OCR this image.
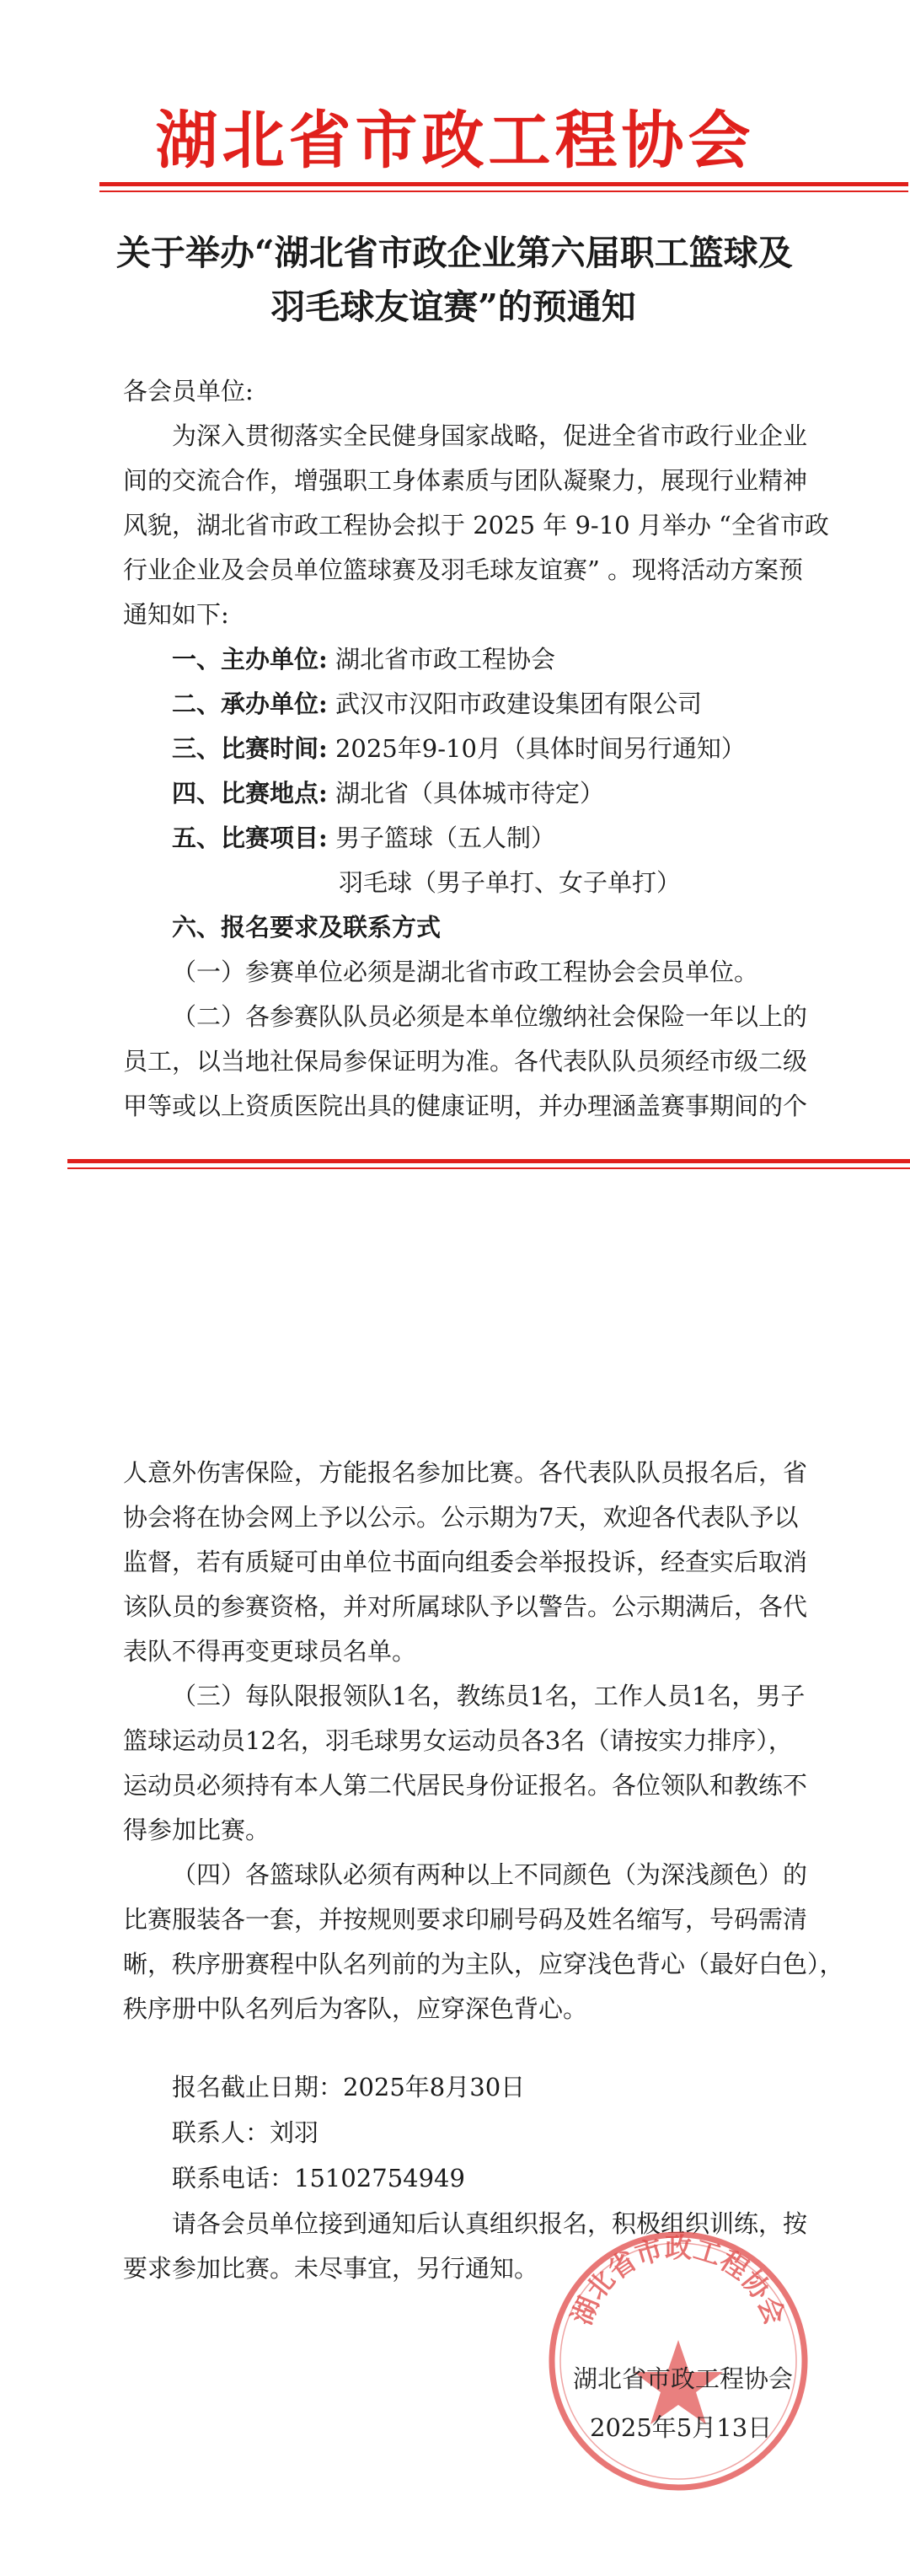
湖北省市政工程协会
关于举办“湖北省市政企业第六届职工篮球及

羽毛球友谊赛”的预通知
各会员单位:
为深入贯彻落实全民健身国家战略，促进全省市政行业企业
间的交流合作，增强职工身体素质与团队凝聚力，展现行业精神
风貌，湖北省市政工程协会拟于 2025 年 9-10 月举办 “全省市政
行业企业及会员单位篮球赛及羽毛球友谊赛” 。现将活动方案预
通知如下:
一、主办单位: 湖北省市政工程协会
二、承办单位: 武汉市汉阳市政建设集团有限公司
三、比赛时间: 2025年9-10月（具体时间另行通知）
四、比赛地点: 湖北省（具体城市待定）
五、比赛项目: 男子篮球（五人制）
羽毛球（男子单打、女子单打）
六、报名要求及联系方式
（一）参赛单位必须是湖北省市政工程协会会员单位。
（二）各参赛队队员必须是本单位缴纳社会保险一年以上的
员工，以当地社保局参保证明为准。各代表队队员须经市级二级
甲等或以上资质医院出具的健康证明，并办理涵盖赛事期间的个
人意外伤害保险，方能报名参加比赛。各代表队队员报名后，省
协会将在协会网上予以公示。公示期为7天，欢迎各代表队予以
监督，若有质疑可由单位书面向组委会举报投诉，经查实后取消
该队员的参赛资格，并对所属球队予以警告。公示期满后，各代
表队不得再变更球员名单。
（三）每队限报领队1名，教练员1名，工作人员1名，男子
篮球运动员12名，羽毛球男女运动员各3名（请按实力排序），
运动员必须持有本人第二代居民身份证报名。各位领队和教练不
得参加比赛。
（四）各篮球队必须有两种以上不同颜色（为深浅颜色）的
比赛服装各一套，并按规则要求印刷号码及姓名缩写，号码需清
晰，秩序册赛程中队名列前的为主队，应穿浅色背心（最好白色），
秩序册中队名列后为客队，应穿深色背心。
报名截止日期：2025年8月30日
联系人：刘羽
联系电话：15102754949
请各会员单位接到通知后认真组织报名，积极组织训练，按
要求参加比赛。未尽事宜，另行通知。
湖北省市政工程协会
湖北省市政工程协会
2025年5月13日
